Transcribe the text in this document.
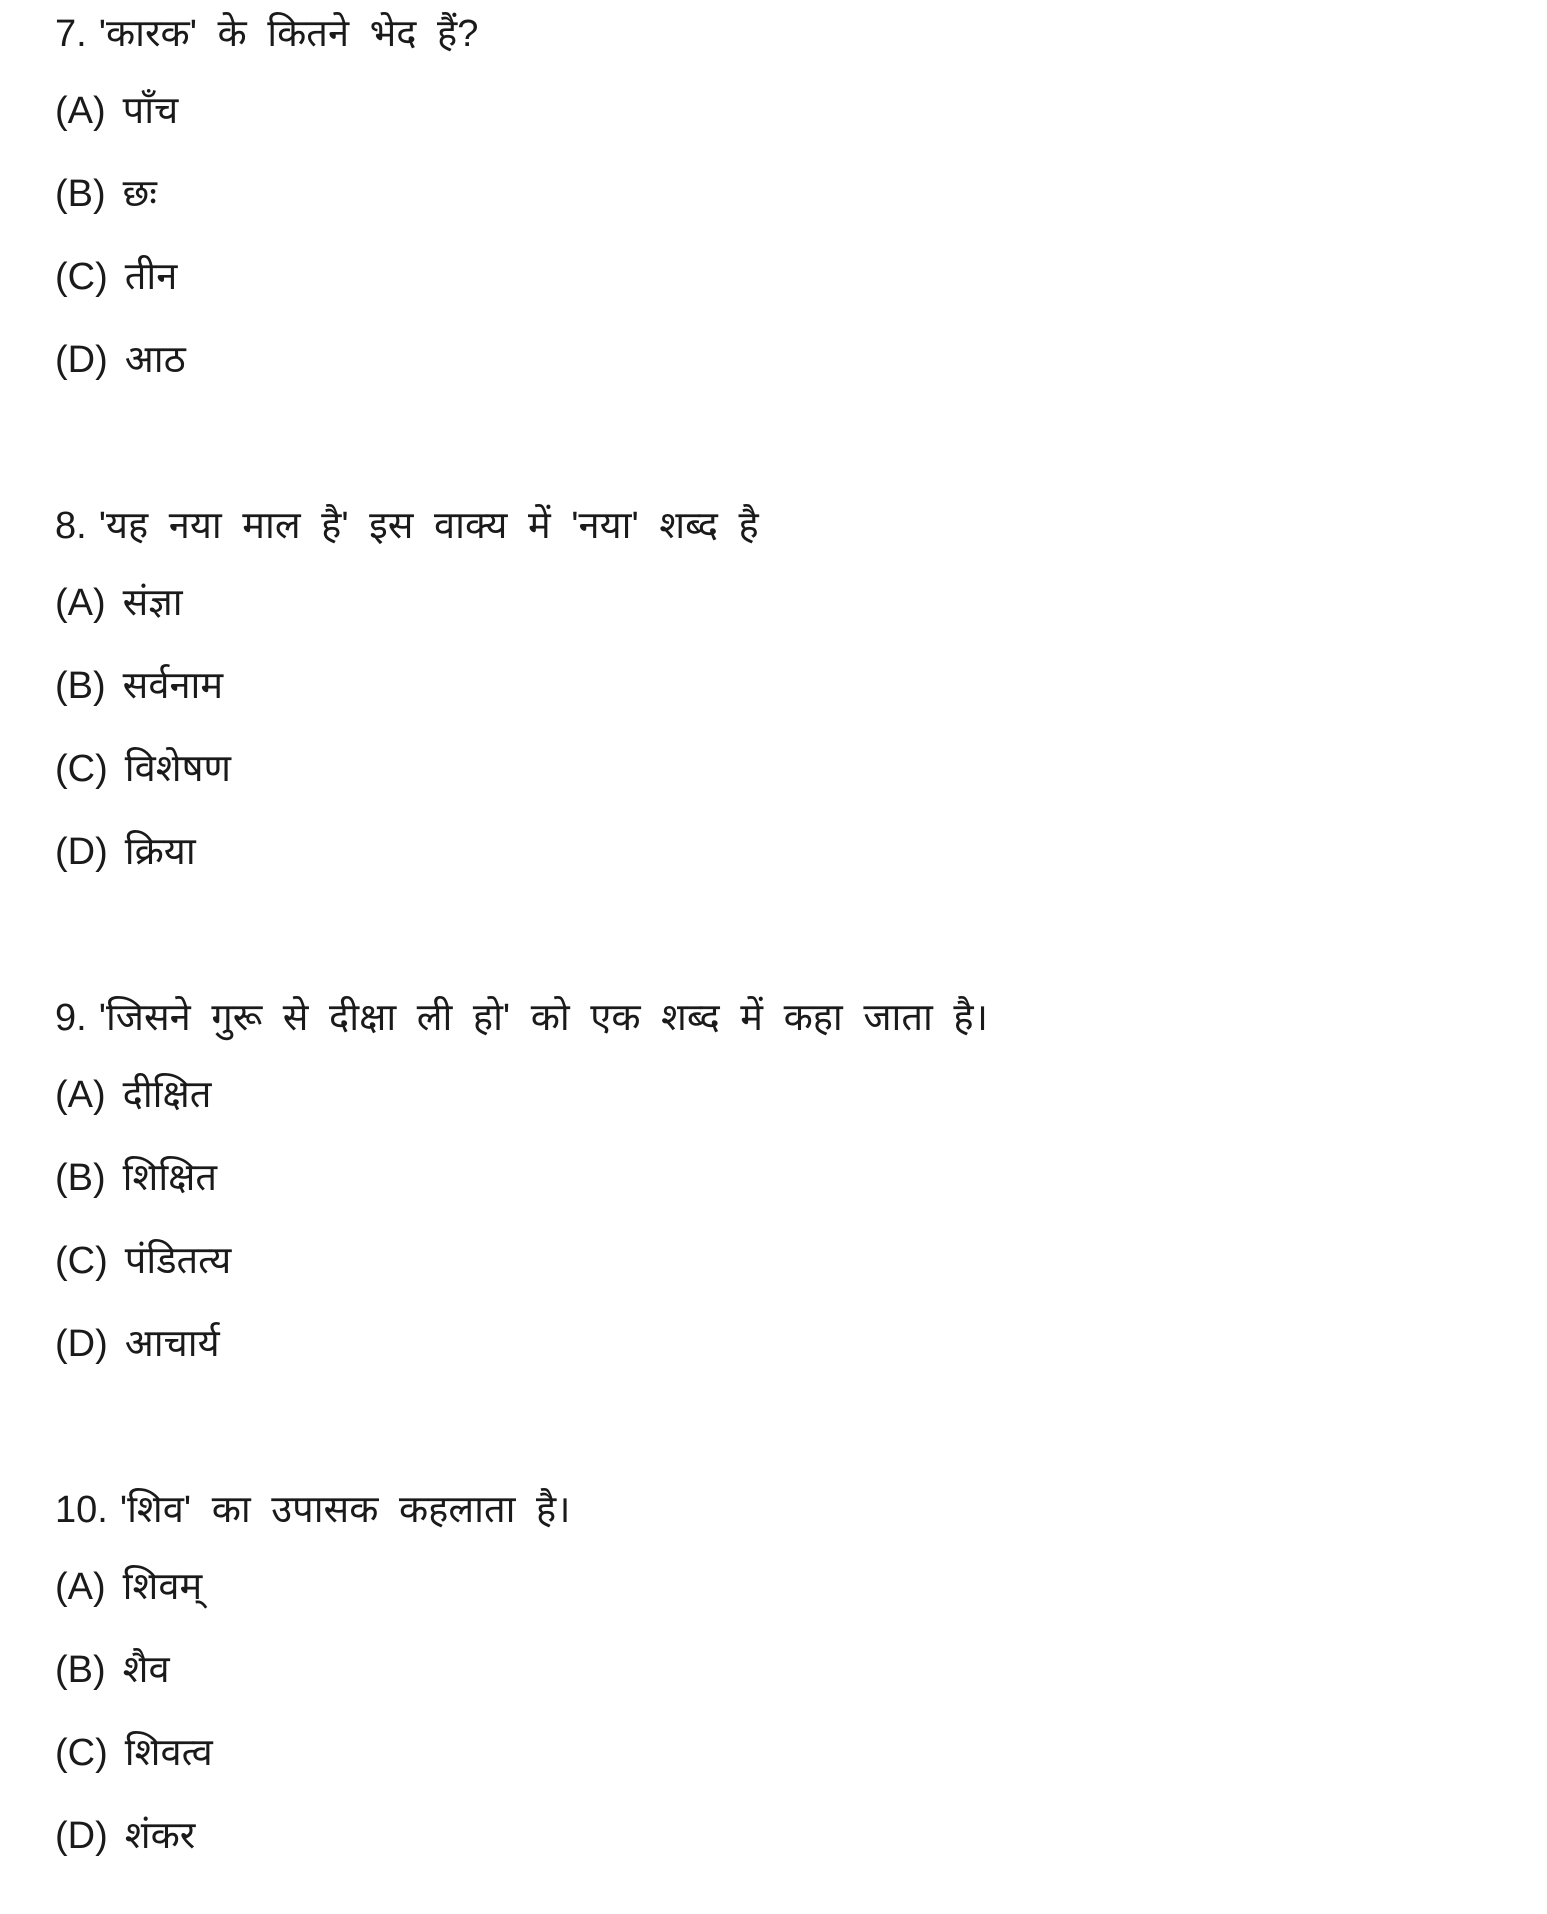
7. 'कारक' के कितने भेद हैं?
(A) पाँच
(B) छः
(C) तीन
(D) आठ
8. 'यह नया माल है' इस वाक्य में 'नया' शब्द है
(A) संज्ञा
(B) सर्वनाम
(C) विशेषण
(D) क्रिया
9. 'जिसने गुरू से दीक्षा ली हो' को एक शब्द में कहा जाता है।
(A) दीक्षित
(B) शिक्षित
(C) पंडितत्य
(D) आचार्य
10. 'शिव' का उपासक कहलाता है।
(A) शिवम्
(B) शैव
(C) शिवत्व
(D) शंकर
